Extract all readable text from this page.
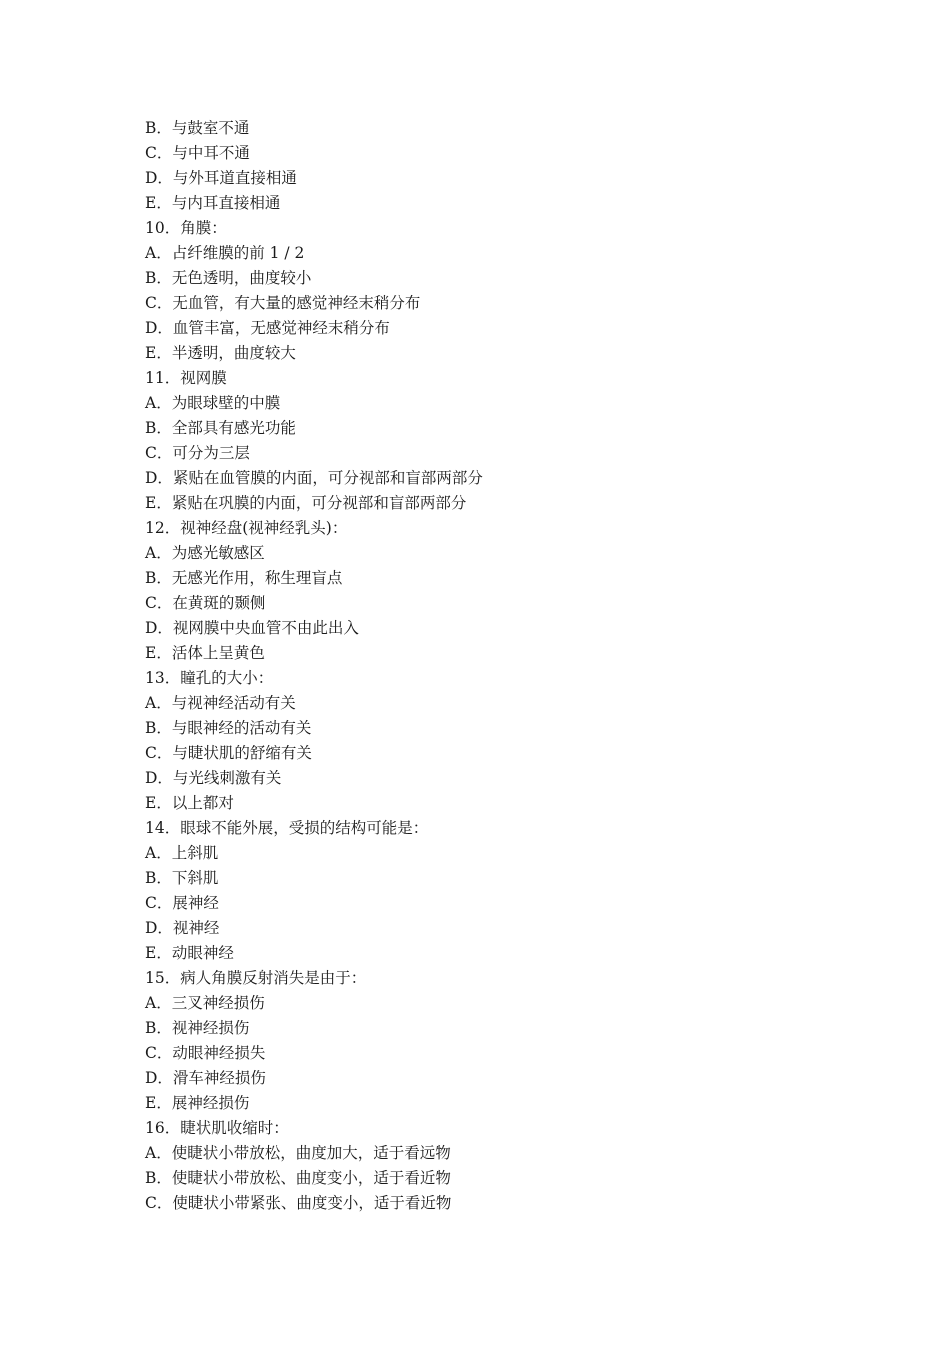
B．与鼓室不通
C．与中耳不通
D．与外耳道直接相通
E．与内耳直接相通
10．角膜：
A．占纤维膜的前 1 / 2
B．无色透明，曲度较小
C．无血管，有大量的感觉神经末稍分布
D．血管丰富，无感觉神经末稍分布
E．半透明，曲度较大
11．视网膜
A．为眼球壁的中膜
B．全部具有感光功能
C．可分为三层
D．紧贴在血管膜的内面，可分视部和盲部两部分
E．紧贴在巩膜的内面，可分视部和盲部两部分
12．视神经盘(视神经乳头)：
A．为感光敏感区
B．无感光作用，称生理盲点
C．在黄斑的颞侧
D．视网膜中央血管不由此出入
E．活体上呈黄色
13．瞳孔的大小：
A．与视神经活动有关
B．与眼神经的活动有关
C．与睫状肌的舒缩有关
D．与光线刺激有关
E．以上都对
14．眼球不能外展，受损的结构可能是：
A．上斜肌
B．下斜肌
C．展神经
D．视神经
E．动眼神经
15．病人角膜反射消失是由于：
A．三叉神经损伤
B．视神经损伤
C．动眼神经损失
D．滑车神经损伤
E．展神经损伤
16．睫状肌收缩时：
A．使睫状小带放松，曲度加大，适于看远物
B．使睫状小带放松、曲度变小，适于看近物
C．使睫状小带紧张、曲度变小，适于看近物
